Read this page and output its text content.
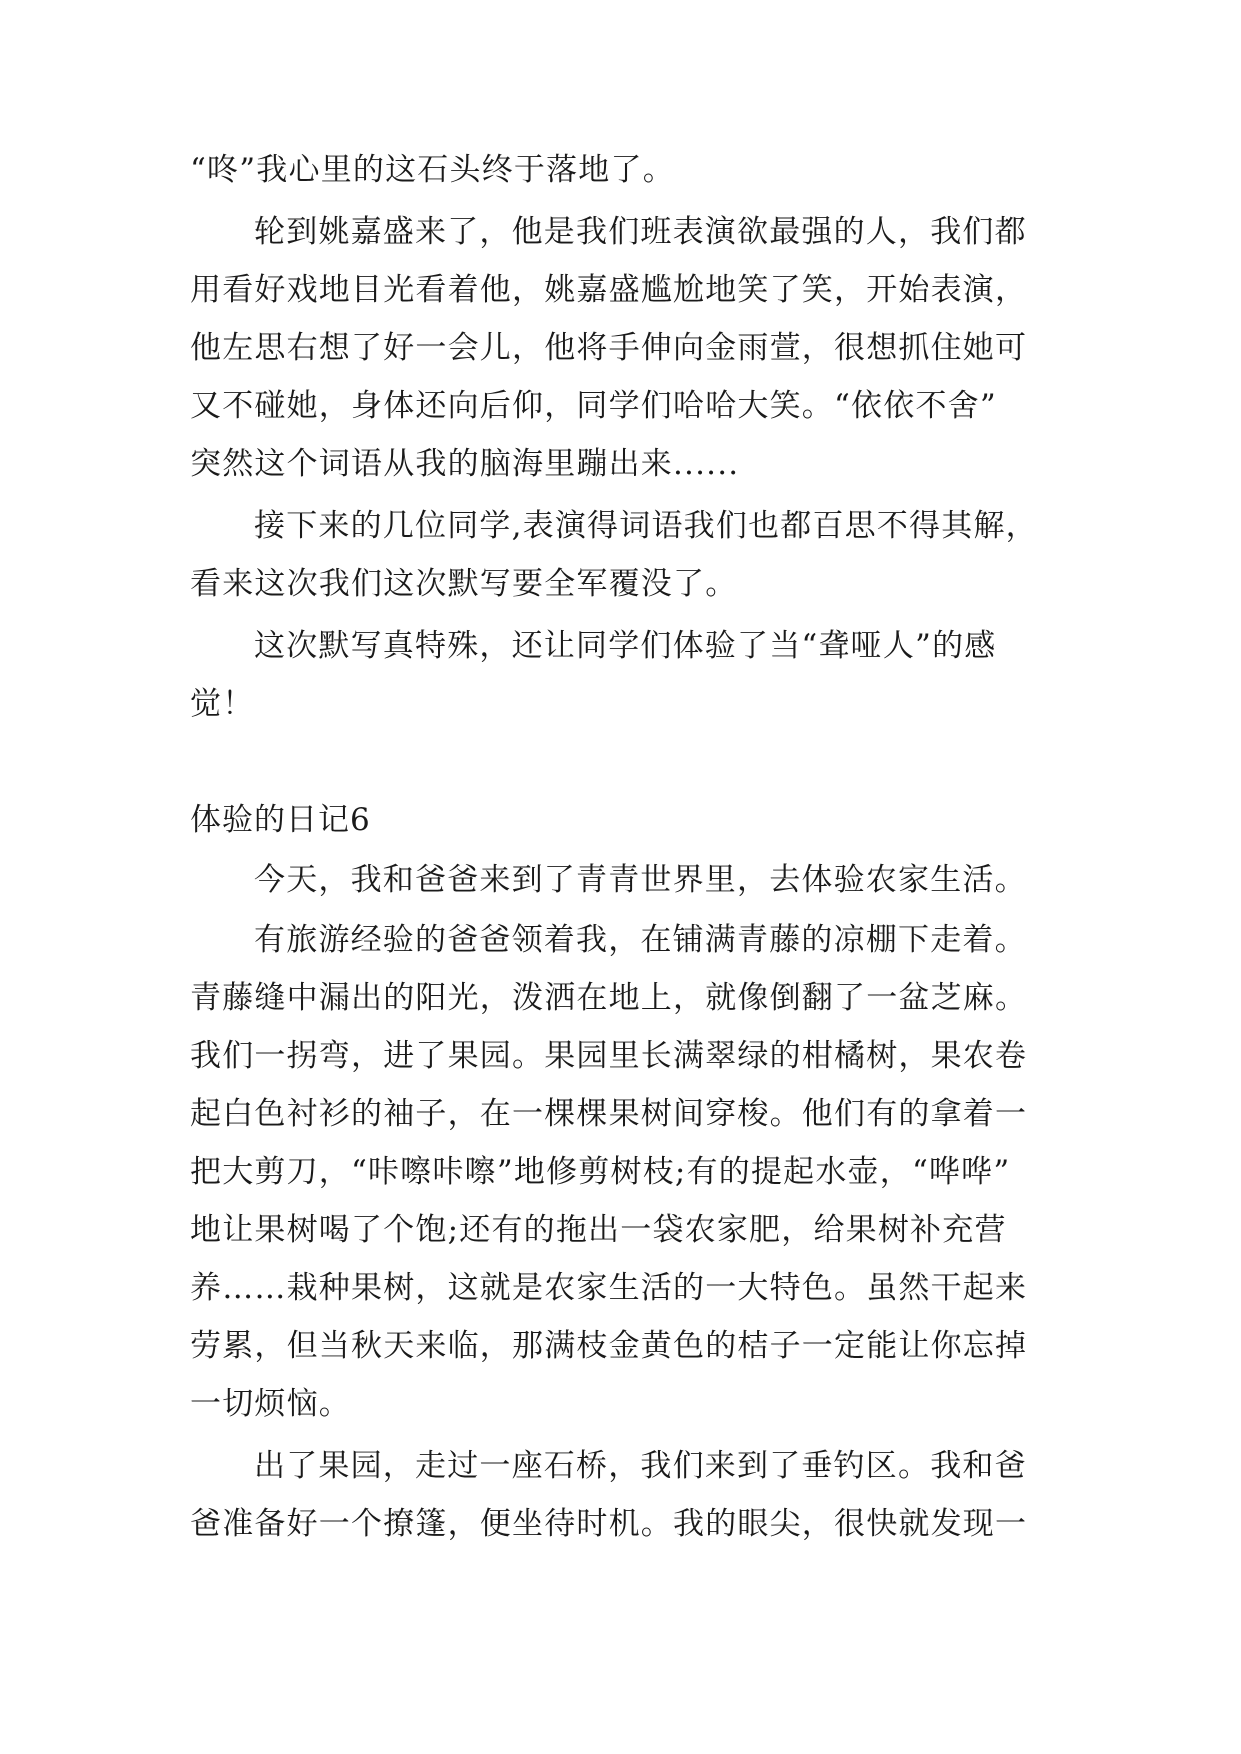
“咚”我心里的这石头终于落地了。
轮到姚嘉盛来了，他是我们班表演欲最强的人，我们都
用看好戏地目光看着他，姚嘉盛尴尬地笑了笑，开始表演，
他左思右想了好一会儿，他将手伸向金雨萱，很想抓住她可
又不碰她，身体还向后仰，同学们哈哈大笑。“依依不舍”
突然这个词语从我的脑海里蹦出来......
接下来的几位同学,表演得词语我们也都百思不得其解，
看来这次我们这次默写要全军覆没了。
这次默写真特殊，还让同学们体验了当“聋哑人”的感
觉！
体验的日记6
今天，我和爸爸来到了青青世界里，去体验农家生活。
有旅游经验的爸爸领着我，在铺满青藤的凉棚下走着。
青藤缝中漏出的阳光，泼洒在地上，就像倒翻了一盆芝麻。
我们一拐弯，进了果园。果园里长满翠绿的柑橘树，果农卷
起白色衬衫的袖子，在一棵棵果树间穿梭。他们有的拿着一
把大剪刀，“咔嚓咔嚓”地修剪树枝;有的提起水壶，“哗哗”
地让果树喝了个饱;还有的拖出一袋农家肥，给果树补充营
养……栽种果树，这就是农家生活的一大特色。虽然干起来
劳累，但当秋天来临，那满枝金黄色的桔子一定能让你忘掉
一切烦恼。
出了果园，走过一座石桥，我们来到了垂钓区。我和爸
爸准备好一个撩篷，便坐待时机。我的眼尖，很快就发现一
